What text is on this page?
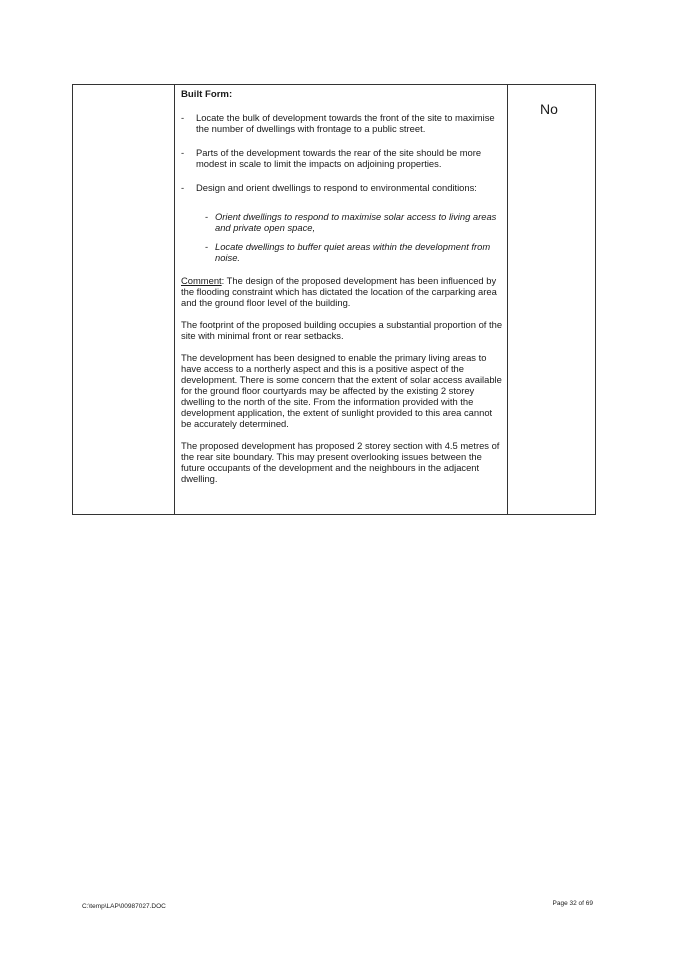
Built Form:
- Locate the bulk of development towards the front of the site to maximise the number of dwellings with frontage to a public street.
- Parts of the development towards the rear of the site should be more modest in scale to limit the impacts on adjoining properties.
- Design and orient dwellings to respond to environmental conditions:
- Orient dwellings to respond to maximise solar access to living areas and private open space,
- Locate dwellings to buffer quiet areas within the development from noise.
Comment: The design of the proposed development has been influenced by the flooding constraint which has dictated the location of the carparking area and the ground floor level of the building.
The footprint of the proposed building occupies a substantial proportion of the site with minimal front or rear setbacks.
The development has been designed to enable the primary living areas to have access to a northerly aspect and this is a positive aspect of the development. There is some concern that the extent of solar access available for the ground floor courtyards may be affected by the existing 2 storey dwelling to the north of the site. From the information provided with the development application, the extent of sunlight provided to this area cannot be accurately determined.
The proposed development has proposed 2 storey section with 4.5 metres of the rear site boundary. This may present overlooking issues between the future occupants of the development and the neighbours in the adjacent dwelling.
No
C:\temp\LAP\00987027.DOC	Page 32 of 69
